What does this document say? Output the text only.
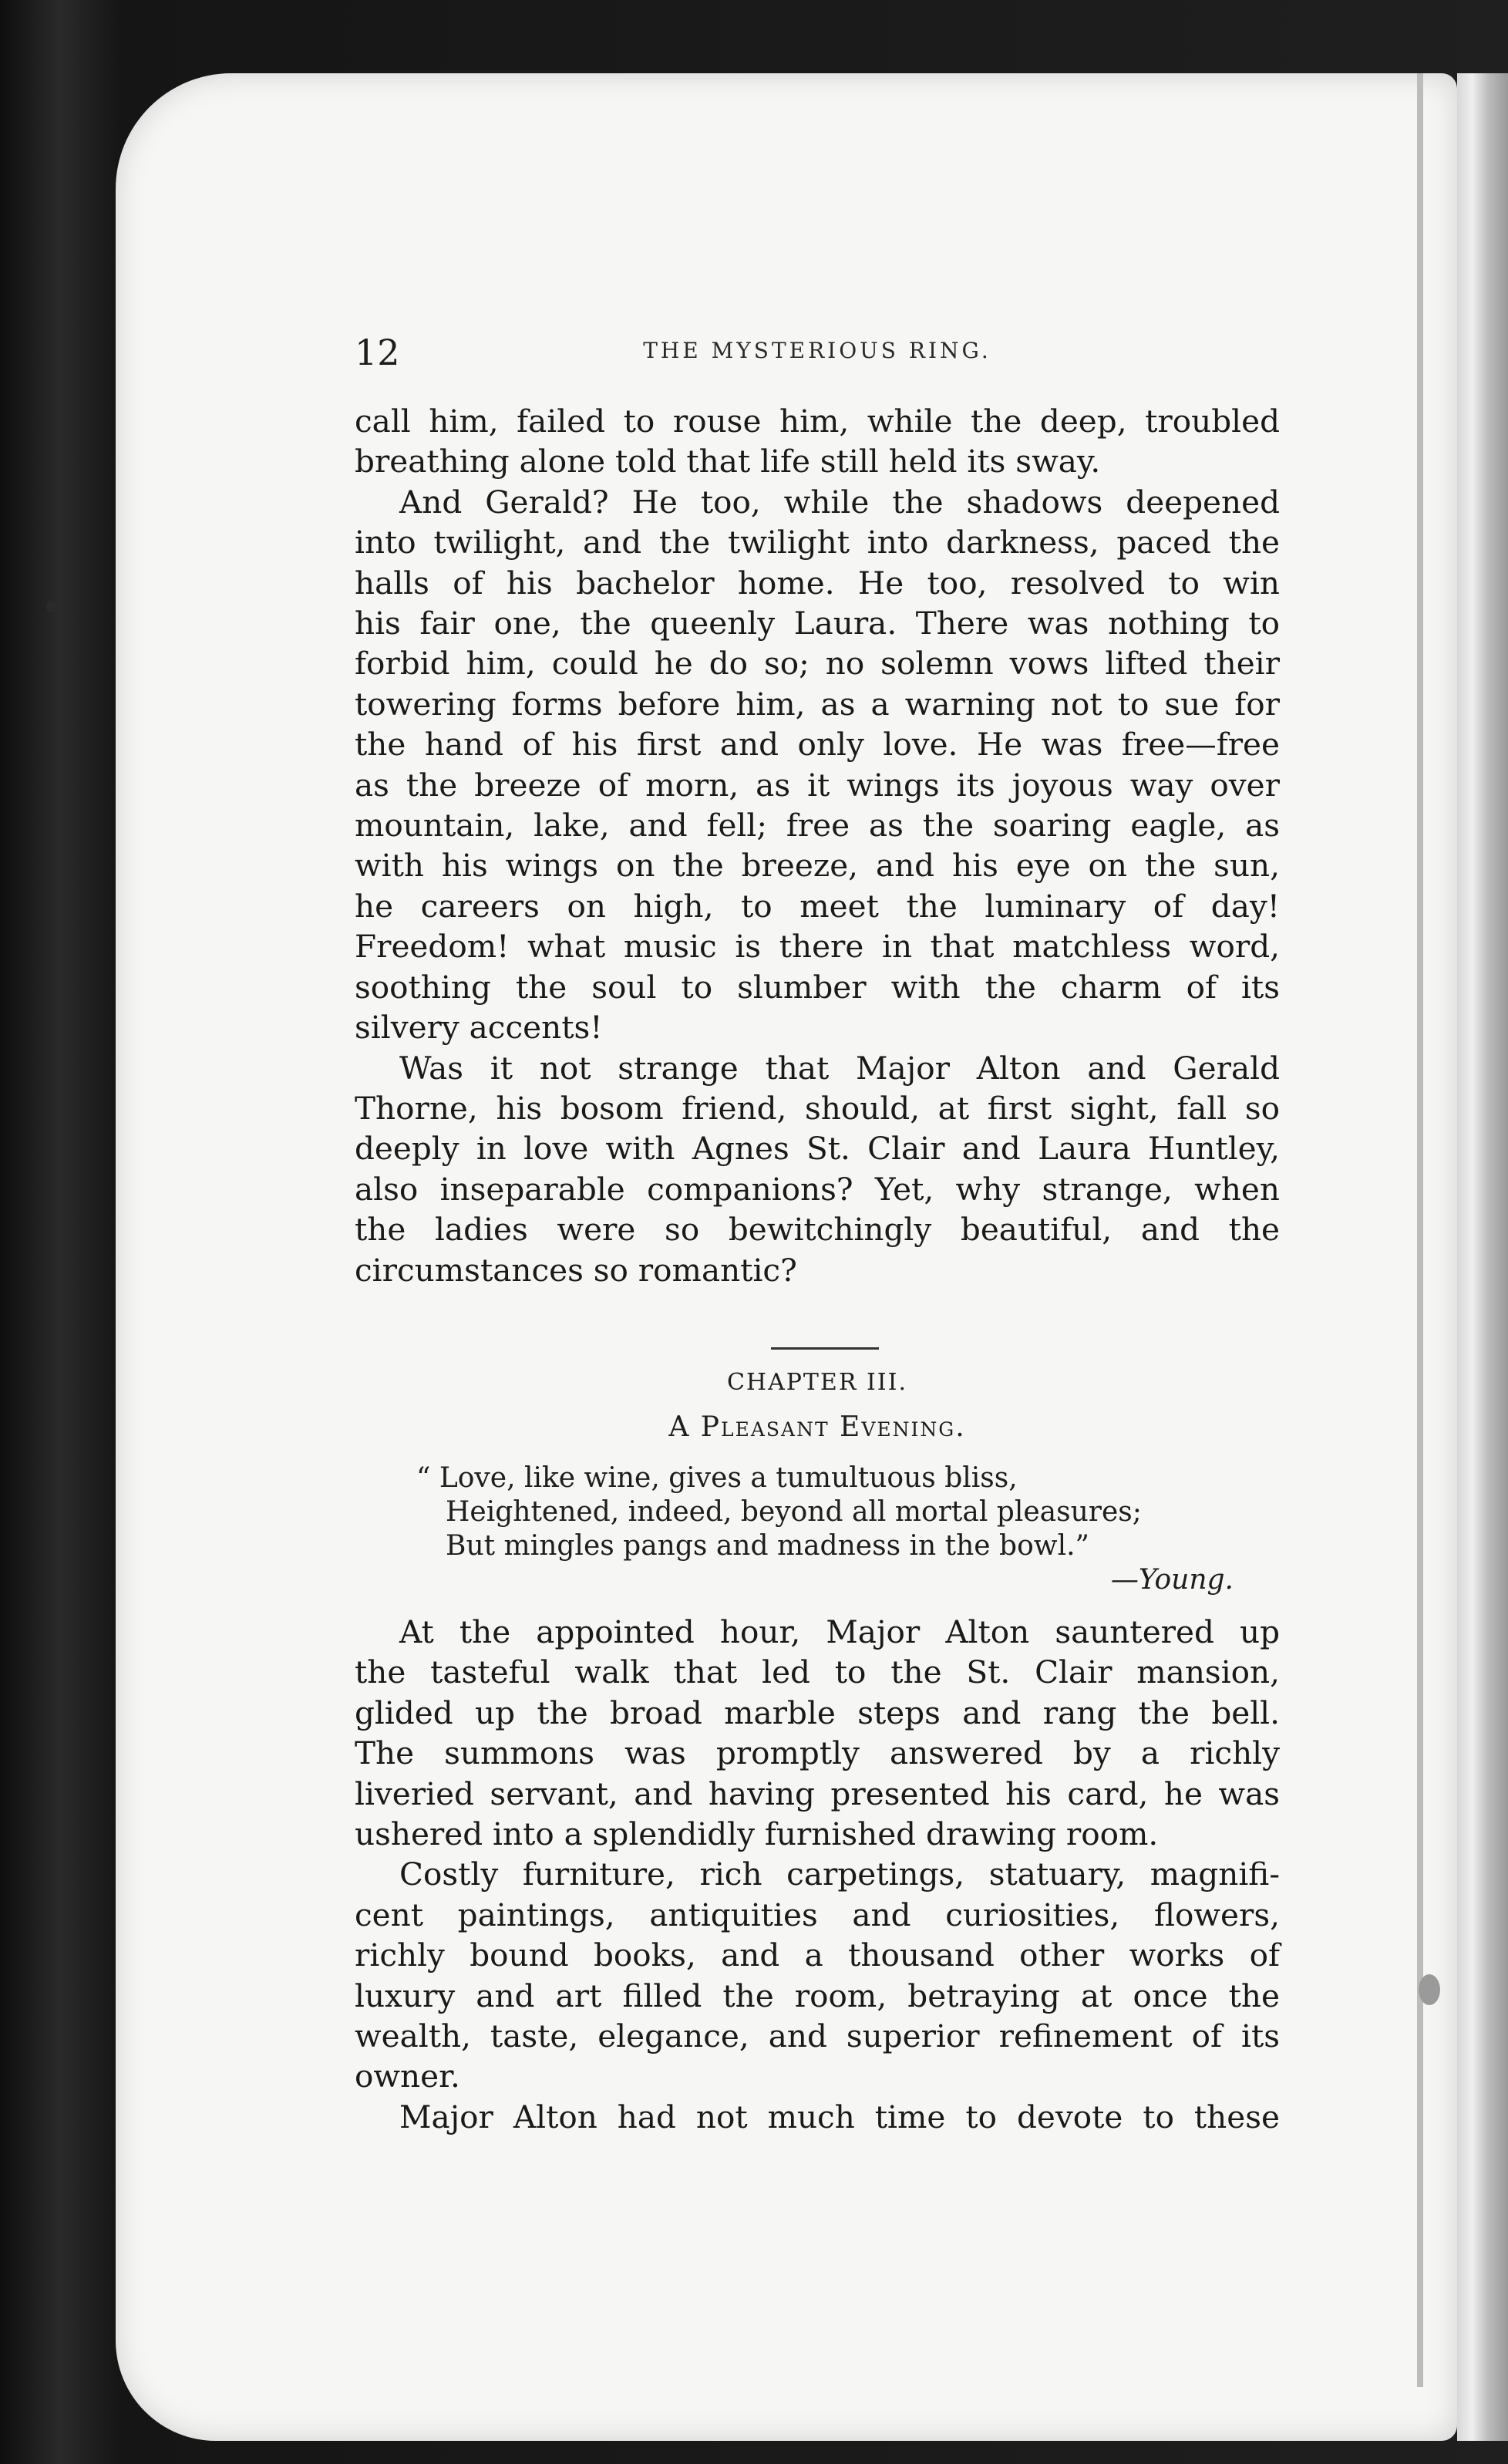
12	THE MYSTERIOUS RING.

call him, failed to rouse him, while the deep, troubled
breathing alone told that life still held its sway.

And Gerald? He too, while the shadows deepened
into twilight, and the twilight into darkness, paced the
halls of his bachelor home. He too, resolved to win
his fair one, the queenly Laura. There was nothing to
forbid him, could he do so; no solemn vows lifted their
towering forms before him, as a warning not to sue for
the hand of his first and only love. He was free—free
as the breeze of morn, as it wings its joyous way over
mountain, lake, and fell; free as the soaring eagle, as
with his wings on the breeze, and his eye on the sun,
he careers on high, to meet the luminary of day!
Freedom! what music is there in that matchless word,
soothing the soul to slumber with the charm of its
silvery accents!

Was it not strange that Major Alton and Gerald
Thorne, his bosom friend, should, at first sight, fall so
deeply in love with Agnes St. Clair and Laura Huntley,
also inseparable companions? Yet, why strange, when
the ladies were so bewitchingly beautiful, and the
circumstances so romantic?

CHAPTER III.
A Pleasant Evening.
“ Love, like wine, gives a tumultuous bliss,
Heightened, indeed, beyond all mortal pleasures;
But mingles pangs and madness in the bowl.”
—Young.

At the appointed hour, Major Alton sauntered up
the tasteful walk that led to the St. Clair mansion,
glided up the broad marble steps and rang the bell.
The summons was promptly answered by a richly
liveried servant, and having presented his card, he was
ushered into a splendidly furnished drawing room.

Costly furniture, rich carpetings, statuary, magnifi-
cent paintings, antiquities and curiosities, flowers,
richly bound books, and a thousand other works of
luxury and art filled the room, betraying at once the
wealth, taste, elegance, and superior refinement of its
owner.

Major Alton had not much time to devote to these
